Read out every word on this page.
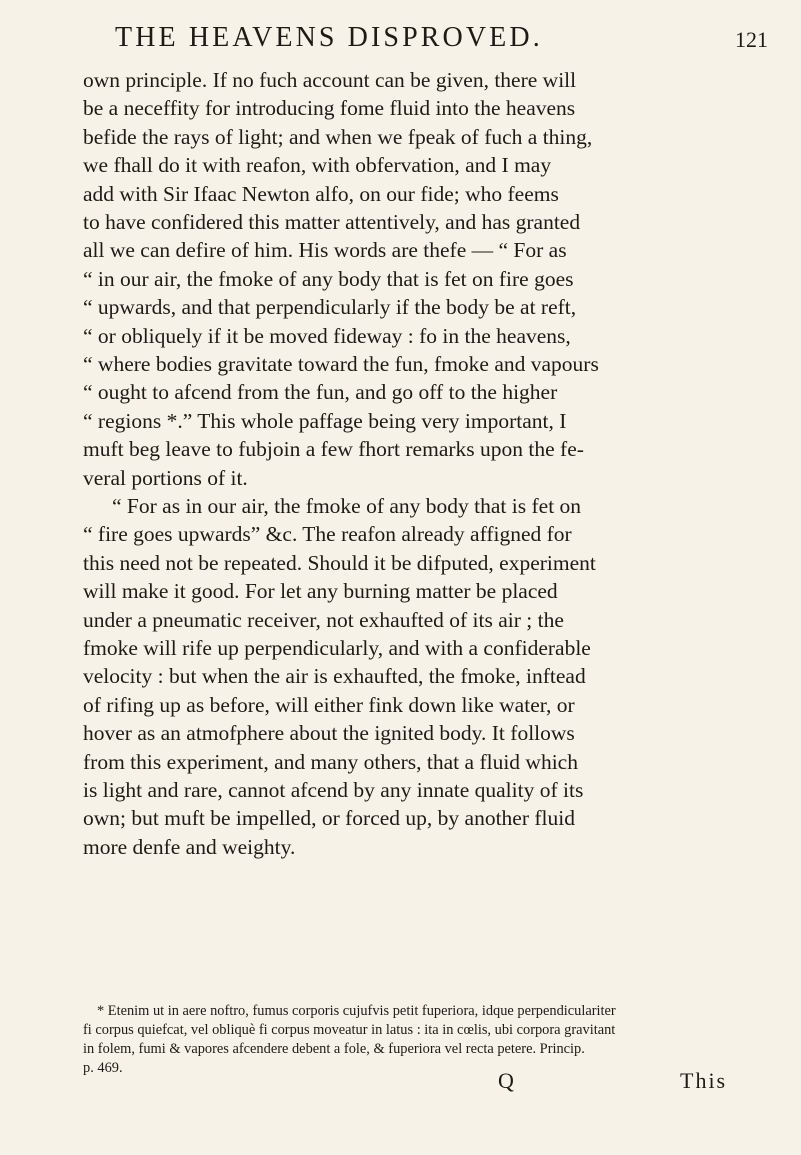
THE HEAVENS DISPROVED.	121
own principle. If no fuch account can be given, there will
be a neceffity for introducing fome fluid into the heavens
befide the rays of light; and when we fpeak of fuch a thing,
we fhall do it with reafon, with obfervation, and I may
add with Sir Ifaac Newton alfo, on our fide; who feems
to have confidered this matter attentively, and has granted
all we can defire of him. His words are thefe — “ For as
“ in our air, the fmoke of any body that is fet on fire goes
“ upwards, and that perpendicularly if the body be at reft,
“ or obliquely if it be moved fideway : fo in the heavens,
“ where bodies gravitate toward the fun, fmoke and vapours
“ ought to afcend from the fun, and go off to the higher
“ regions *.” This whole paffage being very important, I
muft beg leave to fubjoin a few fhort remarks upon the fe-
veral portions of it.
“ For as in our air, the fmoke of any body that is fet on
“ fire goes upwards” &c. The reafon already affigned for
this need not be repeated. Should it be difputed, experiment
will make it good. For let any burning matter be placed
under a pneumatic receiver, not exhaufted of its air ; the
fmoke will rife up perpendicularly, and with a confiderable
velocity : but when the air is exhaufted, the fmoke, inftead
of rifing up as before, will either fink down like water, or
hover as an atmofphere about the ignited body. It follows
from this experiment, and many others, that a fluid which
is light and rare, cannot afcend by any innate quality of its
own; but muft be impelled, or forced up, by another fluid
more denfe and weighty.
* Etenim ut in aere noftro, fumus corporis cujufvis petit fuperiora, idque perpendiculariter
fi corpus quiefcat, vel obliquè fi corpus moveatur in latus : ita in cœlis, ubi corpora gravitant
in folem, fumi & vapores afcendere debent a fole, & fuperiora vel recta petere. Princip.
p. 469.	Q	This
